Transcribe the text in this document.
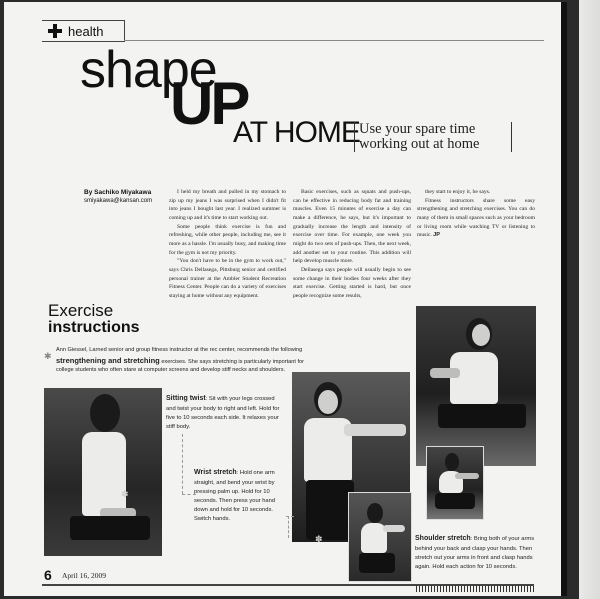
health
shape
UP
AT HOME Use your spare time working out at home
By Sachiko Miyakawa
smiyakawa@kansan.com

I held my breath and pulled in my stomach to zip up my jeans I was surprised when I didn't fit into jeans I bought last year. I realized summer is coming up and it's time to start working out.

Some people think exercise is fun and refreshing, while other people, including me, see it more as a hassle. I'm usually busy, and making time for the gym is not my priority.

"You don't have to be in the gym to work out," says Chris Dellasega, Pittsburg senior and certified personal trainer at the Ambler Student Recreation Fitness Center. People can do a variety of exercises staying at home without any equipment.

Basic exercises, such as squats and push-ups, can be effective in reducing body fat and training muscles. Even 15 minutes of exercise a day can make a difference, he says, but it's important to gradually increase the length and intensity of exercise over time. For example, one week you might do two sets of push-ups. Then, the next week, add another set to your routine. This addition will help develop muscle more.

Dellasega says people will usually begin to see some change in their bodies four weeks after they start exercise. Getting started is hard, but once people recognize some results,

they start to enjoy it, he says.

Fitness instructors share some easy strengthening and stretching exercises. You can do many of them in small spaces such as your bedroom or living room while watching TV or listening to music. JP

Exercise
instructions
✱
Ann Giessel, Larned senior and group fitness instructor at the rec center, recommends the following strengthening and stretching exercises. She says stretching is particularly important for college students who often stare at computer screens and develop stiff necks and shoulders.
✽
✽
Sitting twist: Sit with your legs crossed and twist your body to right and left. Hold for five to 10 seconds each side. It relaxes your stiff body.
Wrist stretch: Hold one arm straight, and bend your wrist by pressing palm up. Hold for 10 seconds. Then press your hand down and hold for 10 seconds. Switch hands.
Shoulder stretch: Bring both of your arms behind your back and clasp your hands. Then stretch out your arms in front and clasp hands again. Hold each action for 10 seconds.
6 April 16, 2009
